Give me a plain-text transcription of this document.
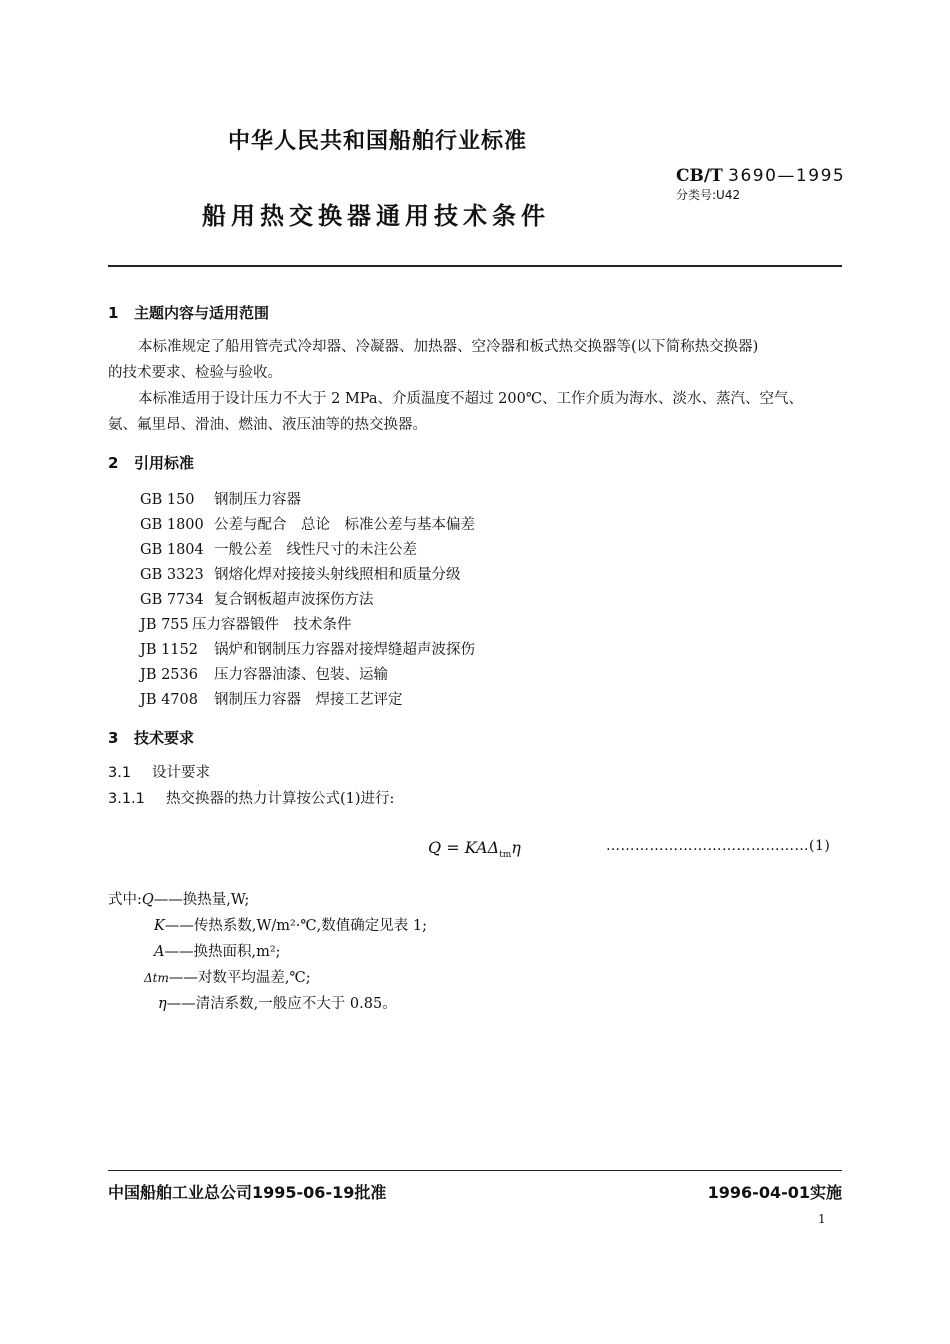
中华人民共和国船舶行业标准
CB/T 3690—1995
分类号:U42
船用热交换器通用技术条件
1 主题内容与适用范围
本标准规定了船用管壳式冷却器、冷凝器、加热器、空冷器和板式热交换器等(以下简称热交换器)
的技术要求、检验与验收。
本标准适用于设计压力不大于 2 MPa、介质温度不超过 200℃、工作介质为海水、淡水、蒸汽、空气、
氨、氟里昂、滑油、燃油、液压油等的热交换器。
2 引用标准
GB 150 钢制压力容器
GB 1800 公差与配合　总论　标准公差与基本偏差
GB 1804 一般公差　线性尺寸的未注公差
GB 3323 钢熔化焊对接接头射线照相和质量分级
GB 7734 复合钢板超声波探伤方法
JB 755 压力容器锻件　技术条件
JB 1152 锅炉和钢制压力容器对接焊缝超声波探伤
JB 2536 压力容器油漆、包装、运输
JB 4708 钢制压力容器　焊接工艺评定
3 技术要求
3.1 设计要求
3.1.1 热交换器的热力计算按公式(1)进行:
$Q = KA\Delta_{tm}\eta$	……………………………………(1)
式中:Q——换热量,W;
K——传热系数,W/m²·℃,数值确定见表 1;
A——换热面积,m²;
Δtm——对数平均温差,℃;
η——清洁系数,一般应不大于 0.85。
中国船舶工业总公司1995-06-19批准	1996-04-01实施
1
